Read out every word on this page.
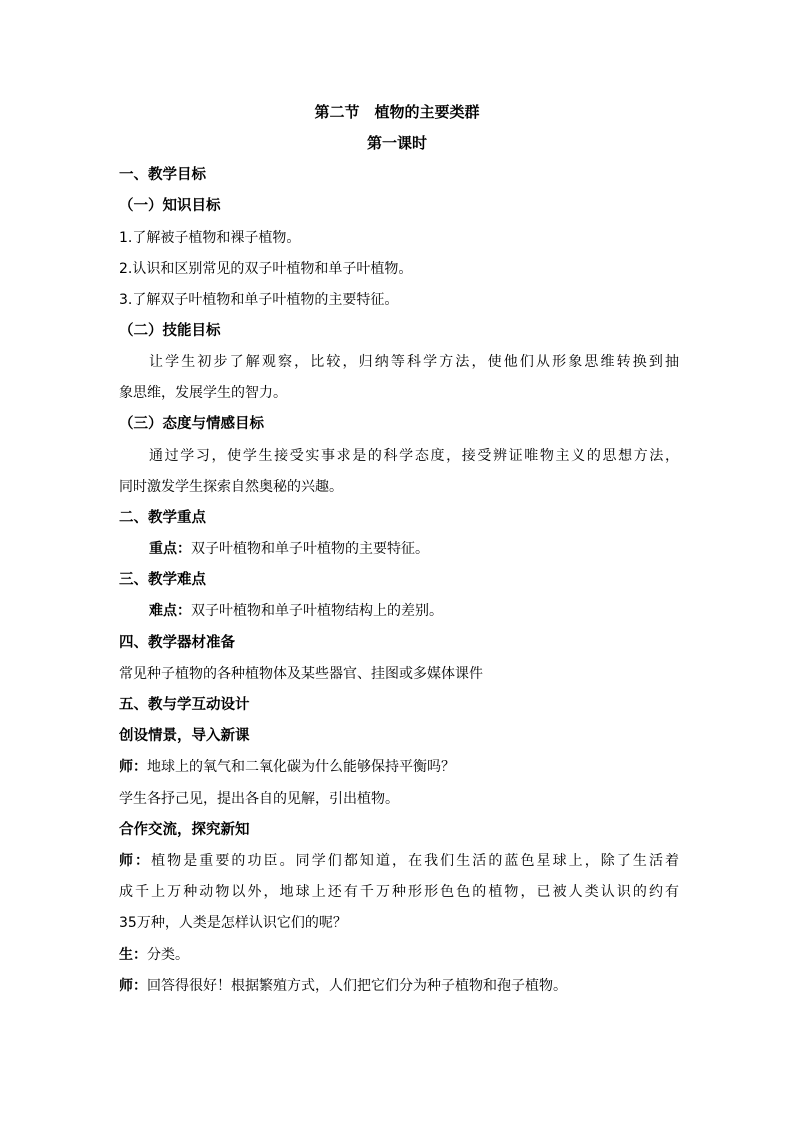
第二节　植物的主要类群
第一课时
一、教学目标
（一）知识目标
1.了解被子植物和裸子植物。
2.认识和区别常见的双子叶植物和单子叶植物。
3.了解双子叶植物和单子叶植物的主要特征。
（二）技能目标
让学生初步了解观察，比较，归纳等科学方法，使他们从形象思维转换到抽
象思维，发展学生的智力。
（三）态度与情感目标
通过学习，使学生接受实事求是的科学态度，接受辨证唯物主义的思想方法，
同时激发学生探索自然奥秘的兴趣。
二、教学重点
重点：双子叶植物和单子叶植物的主要特征。
三、教学难点
难点：双子叶植物和单子叶植物结构上的差别。
四、教学器材准备
常见种子植物的各种植物体及某些器官、挂图或多媒体课件
五、教与学互动设计
创设情景，导入新课
师：地球上的氧气和二氧化碳为什么能够保持平衡吗？
学生各抒己见，提出各自的见解，引出植物。
合作交流，探究新知
师：植物是重要的功臣。同学们都知道，在我们生活的蓝色星球上，除了生活着
成千上万种动物以外，地球上还有千万种形形色色的植物，已被人类认识的约有
35万种，人类是怎样认识它们的呢？
生：分类。
师：回答得很好！根据繁殖方式，人们把它们分为种子植物和孢子植物。
